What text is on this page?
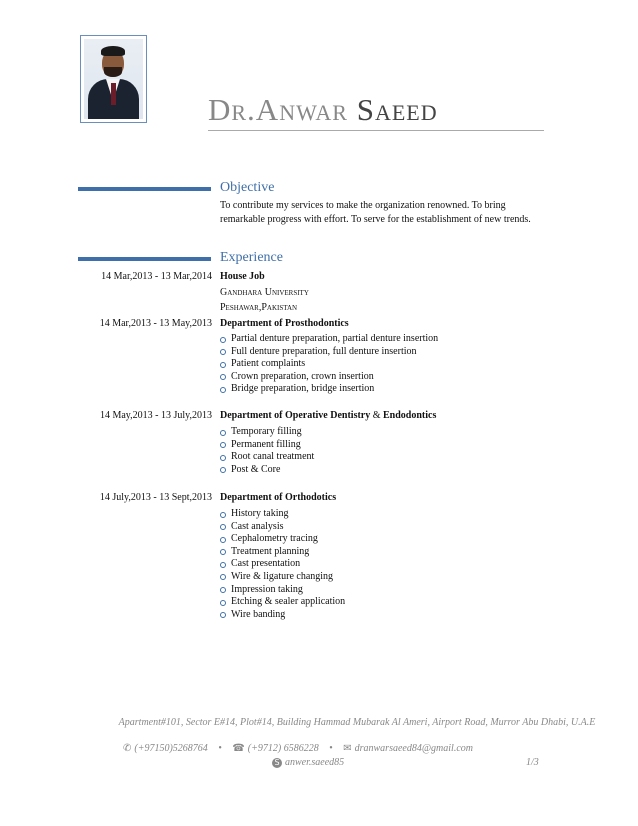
Dr.Anwar Saeed
Objective
To contribute my services to make the organization renowned. To bring remarkable progress with effort. To serve for the establishment of new trends.
Experience
14 Mar,2013 - 13 Mar,2014 House Job
Gandhara University
Peshawar,Pakistan
14 Mar,2013 - 13 May,2013 Department of Prosthodontics
Partial denture preparation, partial denture insertion
Full denture preparation, full denture insertion
Patient complaints
Crown preparation, crown insertion
Bridge preparation, bridge insertion
14 May,2013 - 13 July,2013 Department of Operative Dentistry & Endodontics
Temporary filling
Permanent filling
Root canal treatment
Post & Core
14 July,2013 - 13 Sept,2013 Department of Orthodotics
History taking
Cast analysis
Cephalometry tracing
Treatment planning
Cast presentation
Wire & ligature changing
Impression taking
Etching & sealer application
Wire banding
Apartment#101, Sector E#14, Plot#14, Building Hammad Mubarak Al Ameri, Airport Road, Murror Abu Dhabi, U.A.E
✆ (+97150)5268764 • ☎ (+9712) 6586228 • ✉ dranwarsaeed84@gmail.com
S anwer.saeed85	1/3
